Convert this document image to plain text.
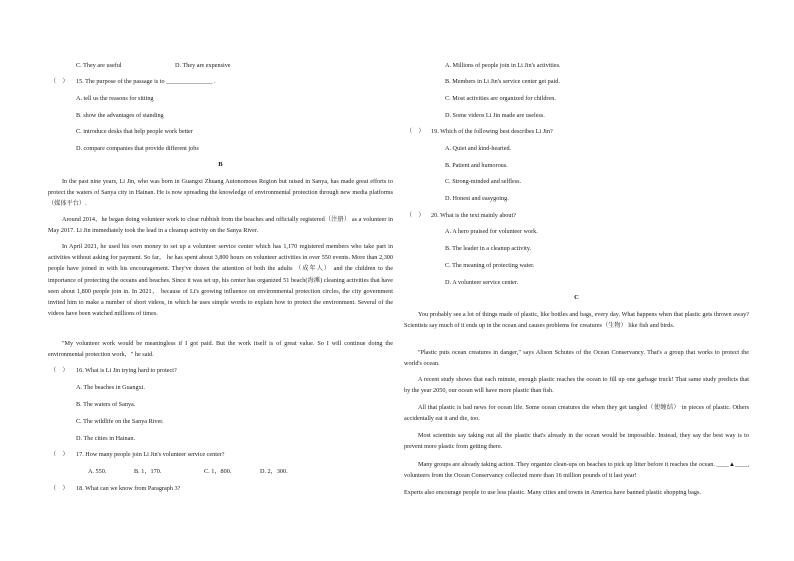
C. They are useful	D. They are expensive
（ ） 15. The purpose of the passage is to _______________ .
A. tell us the reasons for sitting
B. show the advantages of standing
C. introduce desks that help people work better
D. compare companies that provide different jobs
B
In the past nine years, Li Jin, who was born in Guangxi Zhuang Autonomous Region but raised in Sanya, has made great efforts to protect the waters of Sanya city in Hainan. He is now spreading the knowledge of environmental protection through new media platforms （媒体平台）.
Around 2014，he began doing volunteer work to clear rubbish from the beaches and officially registered（注册） as a volunteer in May 2017. Li Jin immediately took the lead in a cleanup activity on the Sanya River.
In April 2021, he used his own money to set up a volunteer service center which has 1,170 registered members who take part in activities without asking for payment. So far， he has spent about 3,800 hours on volunteer activities in over 550 events. More than 2,300 people have joined in with his encouragement. They've drawn the attention of both the adults （成年人） and the children to the importance of protecting the oceans and beaches. Since it was set up, his center has organized 51 beach(海滩) cleaning activities that have seen about 1,800 people join in. In 2021， because of Li's growing influence on environmental protection circles, the city government invited him to make a number of short videos, in which he uses simple words to explain how to protect the environment. Several of the videos have been watched millions of times.
"My volunteer work would be meaningless if I got paid. But the work itself is of great value. So I will continue doing the environmental protection work，" he said.
（    ） 16. What is Li Jin trying hard to protect?
A. The beaches in Guangxi.
B. The waters of Sanya.
C. The wildlife on the Sanya River.
D. The cities in Hainan.
（    ） 17. How many people join Li Jin's volunteer service center?
A. 550.	B. 1，170.	C. 1，800.	D. 2，300.
（    ） 18. What can we know from Paragraph 3?
A. Millions of people join in Li Jin's activities.
B. Members in Li Jin's service center get paid.
C. Most activities are organized for children.
D. Some videos Li Jin made are useless.
（    ） 19. Which of the following best describes Li Jin?
A. Quiet and kind-hearted.
B. Patient and humorous.
C. Strong-minded and selfless.
D. Honest and easygoing.
（    ） 20. What is the text mainly about?
A. A hero praised for volunteer work.
B. The leader in a cleanup activity.
C. The meaning of protecting water.
D. A volunteer service center.
C
You probably see a lot of things made of plastic, like bottles and bags, every day. What happens when that plastic gets thrown away? Scientists say much of it ends up in the ocean and causes problems for creatures（生物） like fish and birds.
"Plastic puts ocean creatures in danger," says Alison Schutes of the Ocean Conservancy. That's a group that works to protect the world's ocean.
A recent study shows that each minute, enough plastic reaches the ocean to fill up one garbage truck! That same study predicts that by the year 2050, our ocean will have more plastic than fish.
All that plastic is bad news for ocean life. Some ocean creatures die when they get tangled（使缠结） in pieces of plastic. Others accidentally eat it and die, too.
Most scientists say taking out all the plastic that's already in the ocean would be impossible. Instead, they say the best way is to prevent more plastic from getting there.
Many groups are already taking action. They organize clean-ups on beaches to pick up litter before it reaches the ocean. ____▲____, volunteers from the Ocean Conservancy collected more than 16 million pounds of it last year!
Experts also encourage people to use less plastic. Many cities and towns in America have banned plastic shopping bags.
